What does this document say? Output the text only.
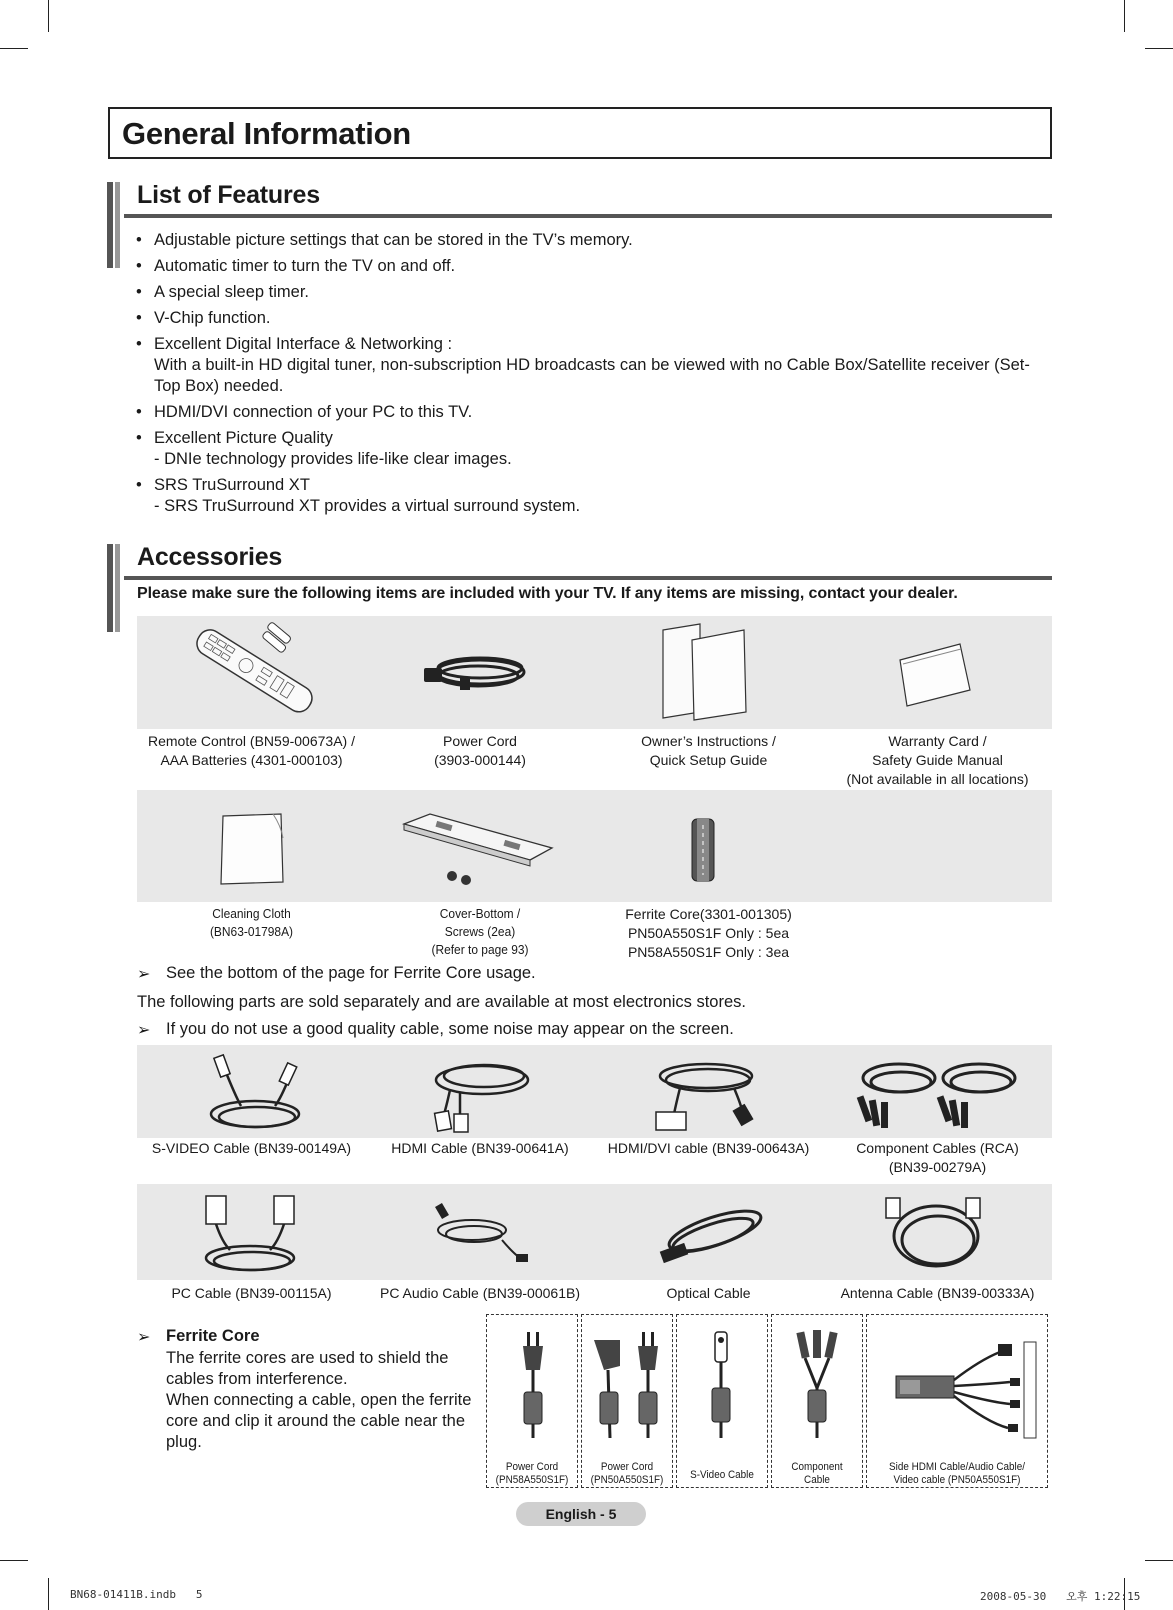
General Information
List of Features
• Adjustable picture settings that can be stored in the TV’s memory.
• Automatic timer to turn the TV on and off.
• A special sleep timer.
• V-Chip function.
• Excellent Digital Interface & Networking :
With a built-in HD digital tuner, non-subscription HD broadcasts can be viewed with no Cable Box/Satellite receiver (Set-Top Box) needed.
• HDMI/DVI connection of your PC to this TV.
• Excellent Picture Quality
- DNIe technology provides life-like clear images.
• SRS TruSurround XT
- SRS TruSurround XT provides a virtual surround system.
Accessories
Please make sure the following items are included with your TV. If any items are missing, contact your dealer.
Remote Control (BN59-00673A) /
AAA Batteries (4301-000103)
Power Cord
(3903-000144)
Owner’s Instructions /
Quick Setup Guide
Warranty Card /
Safety Guide Manual
(Not available in all locations)
Cleaning Cloth
(BN63-01798A)
Cover-Bottom /
Screws (2ea)
(Refer to page 93)
Ferrite Core(3301-001305)
PN50A550S1F Only : 5ea
PN58A550S1F Only : 3ea
➢ See the bottom of the page for Ferrite Core usage.
The following parts are sold separately and are available at most electronics stores.
➢ If you do not use a good quality cable, some noise may appear on the screen.
S-VIDEO Cable (BN39-00149A)	HDMI Cable (BN39-00641A)	HDMI/DVI cable (BN39-00643A)	Component Cables (RCA)
(BN39-00279A)
PC Cable (BN39-00115A)	PC Audio Cable (BN39-00061B)	Optical Cable	Antenna Cable (BN39-00333A)
➢ Ferrite Core
The ferrite cores are used to shield the
cables from interference.
When connecting a cable, open the ferrite
core and clip it around the cable near the
plug.
Power Cord
(PN58A550S1F)
Power Cord
(PN50A550S1F)	S-Video Cable
Component
Cable
Side HDMI Cable/Audio Cable/
Video cable (PN50A550S1F)
English - 5
BN68-01411B.indb   5	2008-05-30   오후 1:22:15
